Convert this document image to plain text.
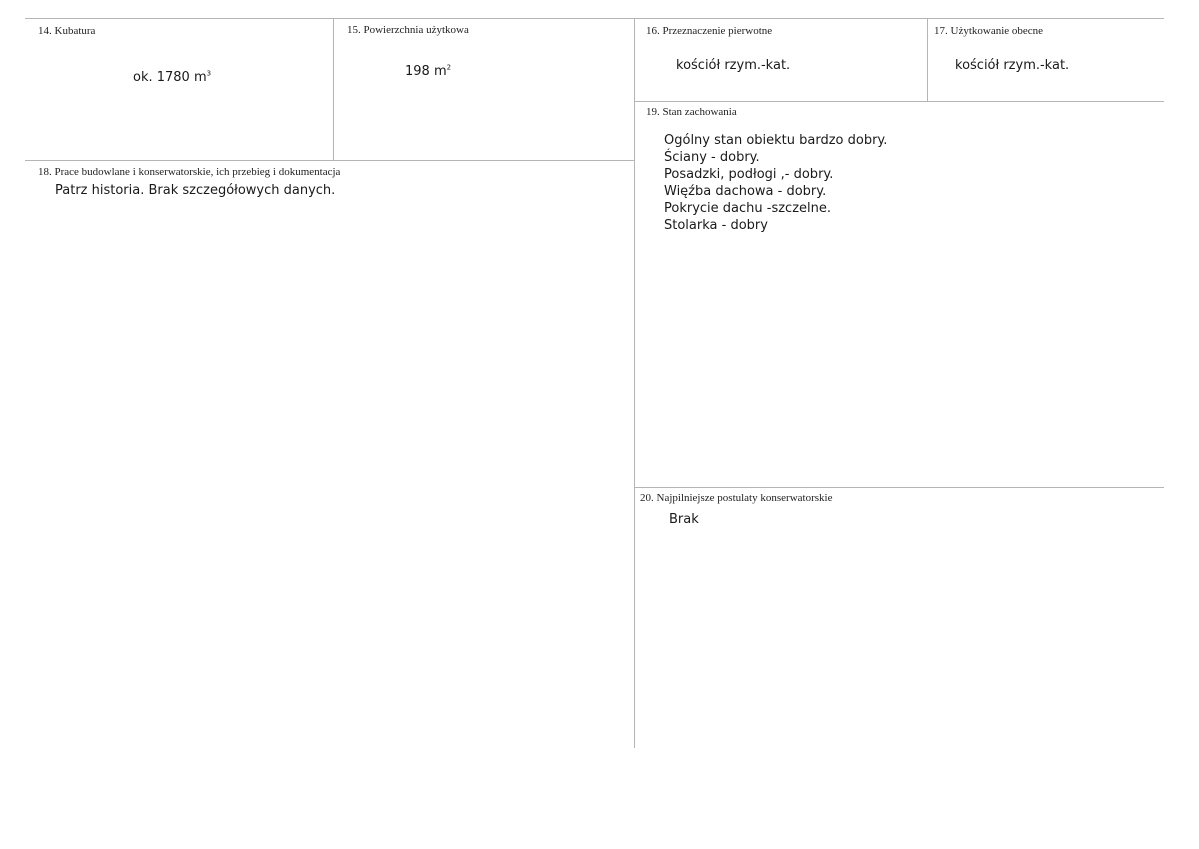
14. Kubatura
ok. 1780 $m^3$
15. Powierzchnia użytkowa
198 $m^2$
16. Przeznaczenie pierwotne
kościół rzym.-kat.
17. Użytkowanie obecne
kościół rzym.-kat.
18. Prace budowlane i konserwatorskie, ich przebieg i dokumentacja
Patrz historia. Brak szczegółowych danych.
19. Stan zachowania
Ogólny stan obiektu bardzo dobry.
Ściany - dobry.
Posadzki, podłogi ,- dobry.
Więźba dachowa - dobry.
Pokrycie dachu -szczelne.
Stolarka - dobry
20. Najpilniejsze postulaty konserwatorskie
Brak
